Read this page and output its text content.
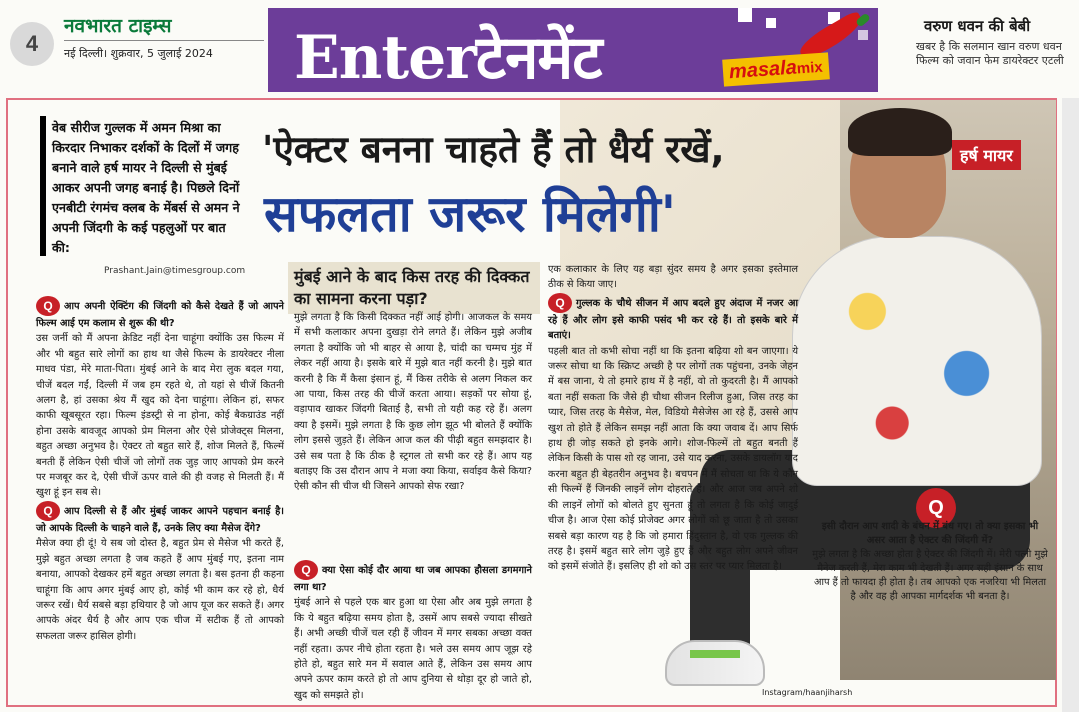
4
नवभारत टाइम्स
नई दिल्ली। शुक्रवार, 5 जुलाई 2024 Enterटेनमेंट	masalamix
वरुण धवन की बेबी
खबर है कि सलमान खान वरुण धवन फिल्म को जवान फेम डायरेक्टर एटली
Instagram/haanjiharsh
वेब सीरीज गुल्लक में अमन मिश्रा का किरदार निभाकर दर्शकों के दिलों में जगह बनाने वाले हर्ष मायर ने दिल्ली से मुंबई आकर अपनी जगह बनाई है। पिछले दिनों एनबीटी रंगमंच क्लब के मेंबर्स से अमन ने अपनी जिंदगी के कई पहलुओं पर बात की:
Prashant.Jain@timesgroup.com
'ऐक्टर बनना चाहते हैं तो धैर्य रखें,
सफलता जरूर मिलेगी'
हर्ष मायर

Q आप अपनी ऐक्टिंग की जिंदगी को कैसे देखते हैं जो आपने फिल्म आई एम कलाम से शुरू की थी?

उस जर्नी को मैं अपना क्रेडिट नहीं देना चाहूंगा क्योंकि उस फिल्म में और भी बहुत सारे लोगों का हाथ था जैसे फिल्म के डायरेक्टर नीला माधव पंडा, मेरे माता-पिता। मुंबई आने के बाद मेरा लुक बदल गया, चीजें बदल गईं, दिल्ली में जब हम रहते थे, तो यहां से चीजें कितनी अलग है, हां उसका श्रेय मैं खुद को देना चाहूंगा। लेकिन हां, सफर काफी खूबसूरत रहा। फिल्म इंडस्ट्री से ना होना, कोई बैकग्राउंड नहीं होना उसके बावजूद आपको प्रेम मिलना और ऐसे प्रोजेक्ट्स मिलना, बहुत अच्छा अनुभव है। ऐक्टर तो बहुत सारे हैं, शोज मिलते हैं, फिल्में बनती हैं लेकिन ऐसी चीजें जो लोगों तक जुड़ जाए आपको प्रेम करने पर मजबूर कर दे, ऐसी चीजें ऊपर वाले की ही वजह से मिलती हैं। मैं खुश हूं इन सब से।

Q आप दिल्ली से हैं और मुंबई जाकर आपने पहचान बनाई है। जो आपके दिल्ली के चाहने वाले हैं, उनके लिए क्या मैसेज देंगे?

मैसेज क्या ही दूं! ये सब जो दोस्त है, बहुत प्रेम से मैसेज भी करते हैं, मुझे बहुत अच्छा लगता है जब कहते हैं आप मुंबई गए, इतना नाम बनाया, आपको देखकर हमें बहुत अच्छा लगता है। बस इतना ही कहना चाहूंगा कि आप अगर मुंबई आए हो, कोई भी काम कर रहे हो, धैर्य जरूर रखें। धैर्य सबसे बड़ा हथियार है जो आप यूज कर सकते हैं। अगर आपके अंदर धैर्य है और आप एक चीज में सटीक हैं तो आपको सफलता जरूर हासिल होगी।

मुंबई आने के बाद किस तरह की दिक्कत का सामना करना पड़ा?
मुझे लगता है कि किसी दिक्कत नहीं आई होगी। आजकल के समय में सभी कलाकार अपना दुखड़ा रोने लगते हैं। लेकिन मुझे अजीब लगता है क्योंकि जो भी बाहर से आया है, चांदी का चम्मच मुंह में लेकर नहीं आया है। इसके बारे में मुझे बात नहीं करनी है। मुझे बात करनी है कि मैं कैसा इंसान हूं, मैं किस तरीके से अलग निकल कर आ पाया, किस तरह की चीजें करता आया। सड़कों पर सोया हूं, वड़ापाव खाकर जिंदगी बिताई है, सभी तो यही कह रहे हैं। अलग क्या है इसमें। मुझे लगता है कि कुछ लोग झूठ भी बोलते हैं क्योंकि लोग इससे जुड़ते हैं। लेकिन आज कल की पीढ़ी बहुत समझदार है। उसे सब पता है कि ठीक है स्ट्रगल तो सभी कर रहे हैं। आप यह बताइए कि उस दौरान आप ने मजा क्या किया, सर्वाइव कैसे किया? ऐसी कौन सी चीज थी जिसने आपको सेफ रखा?

Q क्या ऐसा कोई दौर आया था जब आपका हौसला डगमगाने लगा था?

मुंबई आने से पहले एक बार हुआ था ऐसा और अब मुझे लगता है कि ये बहुत बढ़िया समय होता है, उसमें आप सबसे ज्यादा सीखते हैं। अभी अच्छी चीजें चल रही हैं जीवन में मगर सबका अच्छा वक्त नहीं रहता। ऊपर नीचे होता रहता है। भले उस समय आप जूझ रहे होते हो, बहुत सारे मन में सवाल आते हैं, लेकिन उस समय आप अपने ऊपर काम करते हो तो आप दुनिया से थोड़ा दूर हो जाते हो, खुद को समझते हो।

एक कलाकार के लिए यह बड़ा सुंदर समय है अगर इसका इस्तेमाल ठीक से किया जाए।

Q गुल्लक के चौथे सीजन में आप बदले हुए अंदाज में नजर आ रहे हैं और लोग इसे काफी पसंद भी कर रहे हैं। तो इसके बारे में बताएं।

पहली बात तो कभी सोचा नहीं था कि इतना बढ़िया शो बन जाएगा। ये जरूर सोचा था कि स्क्रिप्ट अच्छी है पर लोगों तक पहुंचना, उनके जेहन में बस जाना, ये तो हमारे हाथ में है नहीं, वो तो कुदरती है। मैं आपको बता नहीं सकता कि जैसे ही चौथा सीजन रिलीज हुआ, जिस तरह का प्यार, जिस तरह के मैसेज, मेल, विडियो मैसेजेस आ रहे हैं, उससे आप खुश तो होते हैं लेकिन समझ नहीं आता कि क्या जवाब दें। आप सिर्फ हाथ ही जोड़ सकते हो इनके आगे। शोज-फिल्में तो बहुत बनती हैं लेकिन किसी के पास शो रह जाना, उसे याद करना, उसके डायलॉग याद करना बहुत ही बेहतरीन अनुभव है। बचपन में मैं सोचता था कि ये कौन सी फिल्में हैं जिनकी लाइनें लोग दोहराते हैं। और आज जब अपने शो की लाइनें लोगों को बोलते हुए सुनता हूं तो लगता है कि कोई जादुई चीज है। आज ऐसा कोई प्रोजेक्ट अगर लोगों को छू जाता है तो उसका सबसे बड़ा कारण यह है कि जो हमारा हिंदुस्तान है, वो एक गुल्लक की तरह है। इसमें बहुत सारे लोग जुड़े हुए हैं और बहुत लोग अपने जीवन को इसमें संजोते हैं। इसलिए ही शो को उस स्तर पर प्यार मिलता है।

Q

इसी दौरान आप शादी के बंधन में बंध गए। तो क्या इसका भी असर आता है ऐक्टर की जिंदगी में?

मुझे लगता है कि अच्छा होता है ऐक्टर की जिंदगी में। मेरी पत्नी मुझे मैनेज करती हैं, मेरा काम भी देखती हैं। अगर सही इंसान के साथ आप हैं तो फायदा ही होता है। तब आपको एक नजरिया भी मिलता है और वह ही आपका मार्गदर्शक भी बनता है।
